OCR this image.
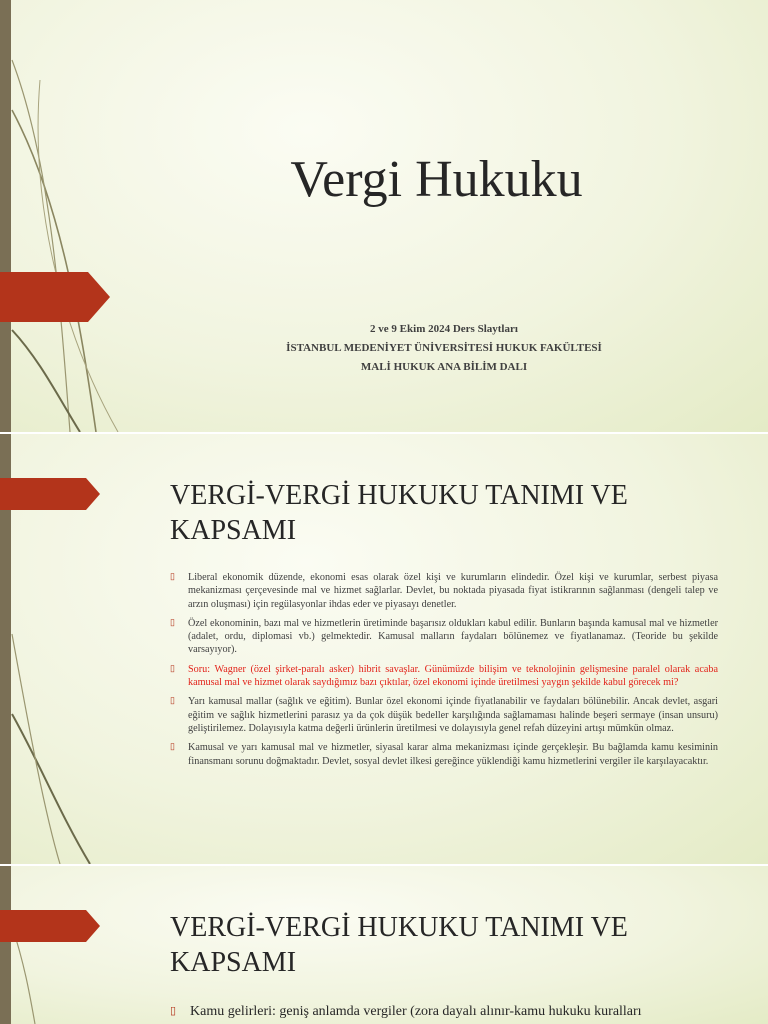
Vergi Hukuku
2 ve 9 Ekim 2024 Ders Slaytları
İSTANBUL MEDENİYET ÜNİVERSİTESİ HUKUK FAKÜLTESİ
MALİ HUKUK ANA BİLİM DALI
VERGİ-VERGİ HUKUKU TANIMI VE
KAPSAMI
▯ Liberal ekonomik düzende, ekonomi esas olarak özel kişi ve kurumların elindedir. Özel kişi ve kurumlar, serbest piyasa mekanizması çerçevesinde mal ve hizmet sağlarlar. Devlet, bu noktada piyasada fiyat istikrarının sağlanması (dengeli talep ve arzın oluşması) için regülasyonlar ihdas eder ve piyasayı denetler.
▯ Özel ekonominin, bazı mal ve hizmetlerin üretiminde başarısız oldukları kabul edilir. Bunların başında kamusal mal ve hizmetler (adalet, ordu, diplomasi vb.) gelmektedir. Kamusal malların faydaları bölünemez ve fiyatlanamaz. (Teoride bu şekilde varsayıyor).
▯ Soru: Wagner (özel şirket-paralı asker) hibrit savaşlar. Günümüzde bilişim ve teknolojinin gelişmesine paralel olarak acaba kamusal mal ve hizmet olarak saydığımız bazı çıktılar, özel ekonomi içinde üretilmesi yaygın şekilde kabul görecek mi?
▯ Yarı kamusal mallar (sağlık ve eğitim). Bunlar özel ekonomi içinde fiyatlanabilir ve faydaları bölünebilir. Ancak devlet, asgari eğitim ve sağlık hizmetlerini parasız ya da çok düşük bedeller karşılığında sağlamaması halinde beşeri sermaye (insan unsuru) geliştirilemez. Dolayısıyla katma değerli ürünlerin üretilmesi ve dolayısıyla genel refah düzeyini artışı mümkün olmaz.
▯ Kamusal ve yarı kamusal mal ve hizmetler, siyasal karar alma mekanizması içinde gerçekleşir. Bu bağlamda kamu kesiminin finansmanı sorunu doğmaktadır. Devlet, sosyal devlet ilkesi gereğince yüklendiği kamu hizmetlerini vergiler ile karşılayacaktır.
VERGİ-VERGİ HUKUKU TANIMI VE
KAPSAMI
▯ Kamu gelirleri: geniş anlamda vergiler (zora dayalı alınır-kamu hukuku kuralları
